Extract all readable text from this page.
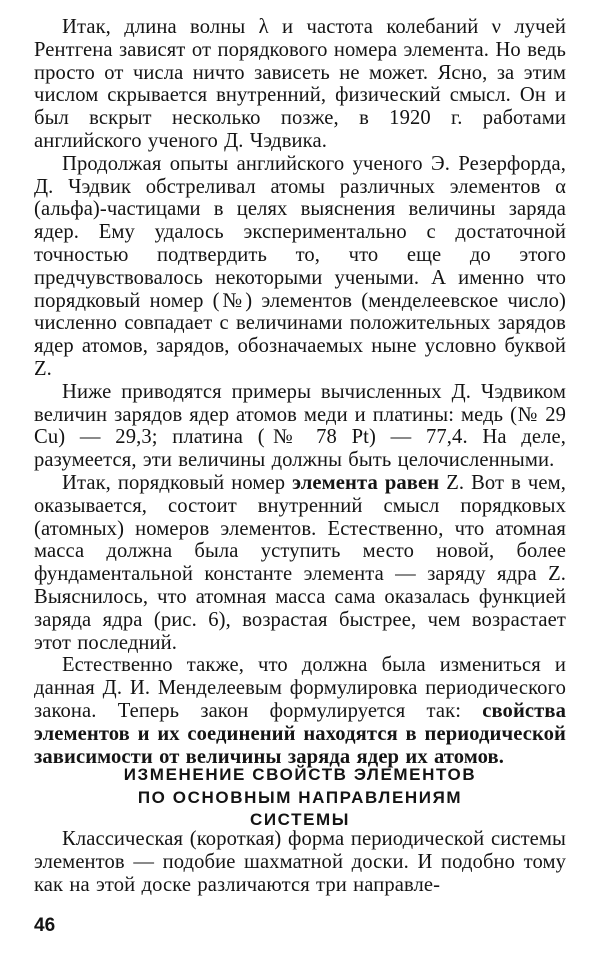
Итак, длина волны λ и частота колебаний ν лучей Рентгена зависят от порядкового номера элемента. Но ведь просто от числа ничто зависеть не может. Ясно, за этим числом скрывается внутренний, физический смысл. Он и был вскрыт несколько позже, в 1920 г. работами английского ученого Д. Чэдвика.

Продолжая опыты английского ученого Э. Резерфорда, Д. Чэдвик обстреливал атомы различных элементов α (альфа)-частицами в целях выяснения величины заряда ядер. Ему удалось экспериментально с достаточной точностью подтвердить то, что еще до этого предчувствовалось некоторыми учеными. А именно что порядковый номер (№) элементов (менделеевское число) численно совпадает с величинами положительных зарядов ядер атомов, зарядов, обозначаемых ныне условно буквой Z.

Ниже приводятся примеры вычисленных Д. Чэдвиком величин зарядов ядер атомов меди и платины: медь (№ 29 Cu) — 29,3; платина (№ 78 Pt) — 77,4. На деле, разумеется, эти величины должны быть целочисленными.

Итак, порядковый номер элемента равен Z. Вот в чем, оказывается, состоит внутренний смысл порядковых (атомных) номеров элементов. Естественно, что атомная масса должна была уступить место новой, более фундаментальной константе элемента — заряду ядра Z. Выяснилось, что атомная масса сама оказалась функцией заряда ядра (рис. 6), возрастая быстрее, чем возрастает этот последний.

Естественно также, что должна была измениться и данная Д. И. Менделеевым формулировка периодического закона. Теперь закон формулируется так: свойства элементов и их соединений находятся в периодической зависимости от величины заряда ядер их атомов.

ИЗМЕНЕНИЕ СВОЙСТВ ЭЛЕМЕНТОВ
ПО ОСНОВНЫМ НАПРАВЛЕНИЯМ
СИСТЕМЫ

Классическая (короткая) форма периодической системы элементов — подобие шахматной доски. И подобно тому как на этой доске различаются три направле-

46
